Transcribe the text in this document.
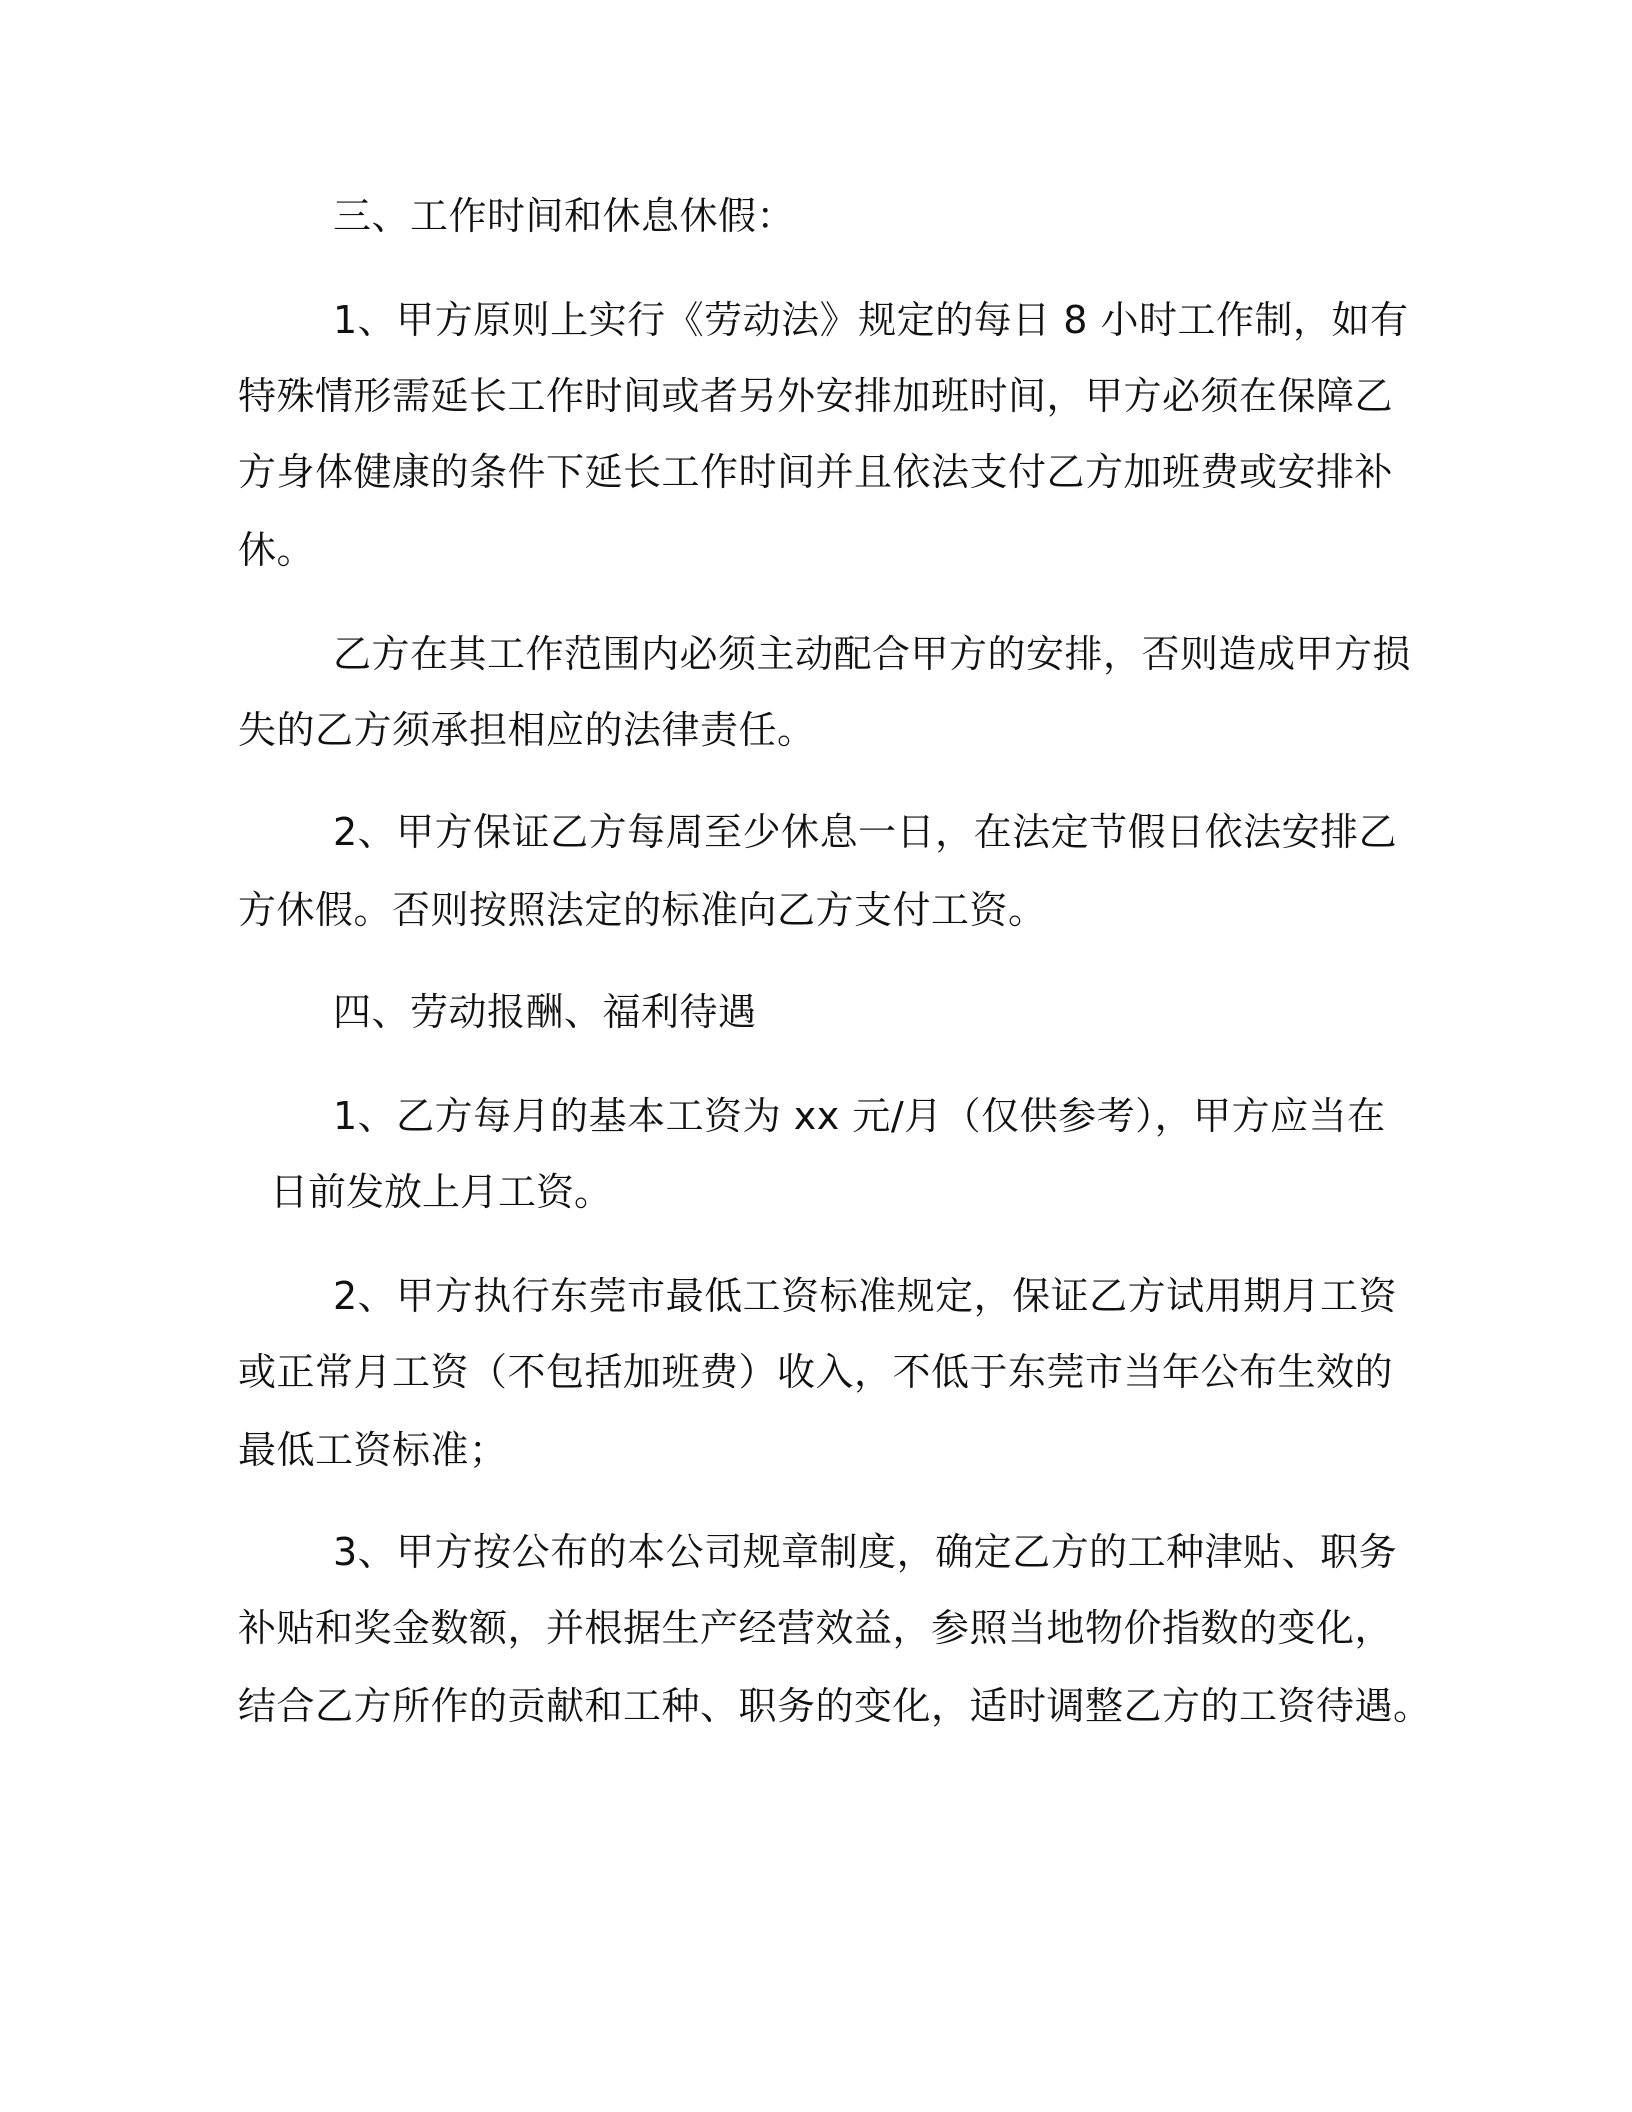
三、工作时间和休息休假：
1、甲方原则上实行《劳动法》规定的每日 8 小时工作制，如有
特殊情形需延长工作时间或者另外安排加班时间，甲方必须在保障乙
方身体健康的条件下延长工作时间并且依法支付乙方加班费或安排补
休。
乙方在其工作范围内必须主动配合甲方的安排，否则造成甲方损
失的乙方须承担相应的法律责任。
2、甲方保证乙方每周至少休息一日，在法定节假日依法安排乙
方休假。否则按照法定的标准向乙方支付工资。
四、劳动报酬、福利待遇
1、乙方每月的基本工资为 xx 元/月（仅供参考），甲方应当在
日前发放上月工资。
2、甲方执行东莞市最低工资标准规定，保证乙方试用期月工资
或正常月工资（不包括加班费）收入，不低于东莞市当年公布生效的
最低工资标准；
3、甲方按公布的本公司规章制度，确定乙方的工种津贴、职务
补贴和奖金数额，并根据生产经营效益，参照当地物价指数的变化，
结合乙方所作的贡献和工种、职务的变化，适时调整乙方的工资待遇。
